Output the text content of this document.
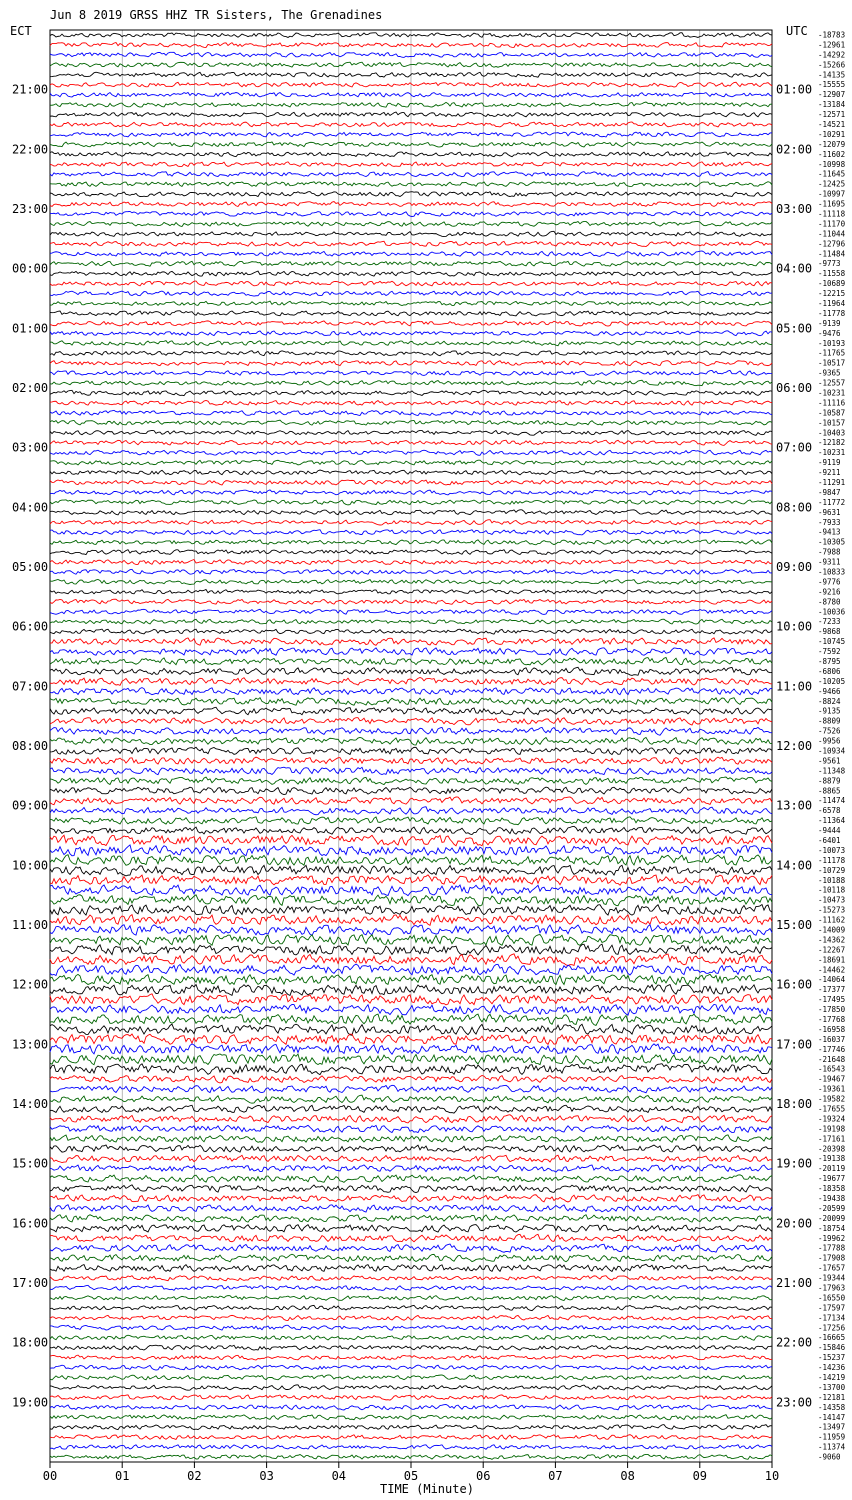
-18783
-12961
-14292
-15266
-14135
-15555
-12907
-13184
-12571
-14521
-10291
-12079
-11602
-10998
-11645
-12425
-10997
-11695
-11118
-11170
-11044
-12796
-11484
-9773
-11558
-10689
-12215
-11964
-11778
-9139
-9476
-10193
-11765
-10517
-9365
-12557
-10231
-11116
-10587
-10157
-10403
-12182
-10231
-9119
-9211
-11291
-9847
-11772
-9631
-7933
-9413
-10305
-7988
-9311
-10833
-9776
-9216
-8780
-10036
-7233
-9868
-10745
-7592
-8795
-6806
-10205
-9466
-8824
-9135
-8809
-7526
-9956
-10934
-9561
-11348
-8879
-8865
-11474
-6578
-11364
-9444
-6401
-10073
-11178
-10729
-10188
-10118
-10473
-15273
-11162
-14009
-14362
-12267
-18691
-14462
-14064
-17377
-17495
-17850
-17768
-16958
-16037
-17746
-21648
-16543
-19467
-19361
-19582
-17655
-19324
-19198
-17161
-20398
-19138
-20119
-19677
-18358
-19438
-20599
-20099
-18754
-19962
-17788
-17908
-17657
-19344
-17963
-16550
-17597
-17134
-17256
-16665
-15846
-15237
-14236
-14219
-13700
-12181
-14358
-14147
-13497
-11959
-11374
-9060
21:00	01:00
22:00	02:00
23:00	03:00
00:00	04:00
01:00	05:00
02:00	06:00
03:00	07:00
04:00	08:00
05:00	09:00
06:00	10:00
07:00	11:00
08:00	12:00
09:00	13:00
10:00	14:00
11:00	15:00
12:00	16:00
13:00	17:00
14:00	18:00
15:00	19:00
16:00	20:00
17:00	21:00
18:00	22:00
19:00	23:00
00	01	02	03	04	05	06	07	08	09	10
Jun 8 2019 GRSS HHZ TR Sisters, The Grenadines
ECT	UTC
TIME (Minute)
